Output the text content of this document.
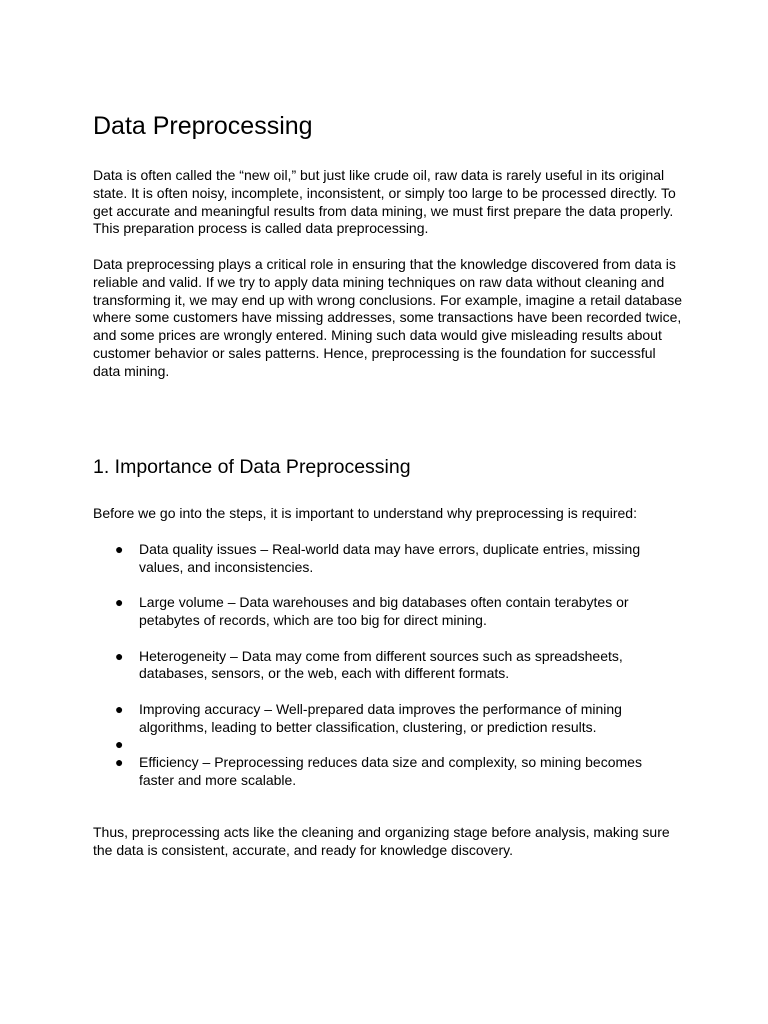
Data Preprocessing

Data is often called the “new oil,” but just like crude oil, raw data is rarely useful in its original state. It is often noisy, incomplete, inconsistent, or simply too large to be processed directly. To get accurate and meaningful results from data mining, we must first prepare the data properly. This preparation process is called data preprocessing.

Data preprocessing plays a critical role in ensuring that the knowledge discovered from data is reliable and valid. If we try to apply data mining techniques on raw data without cleaning and transforming it, we may end up with wrong conclusions. For example, imagine a retail database where some customers have missing addresses, some transactions have been recorded twice, and some prices are wrongly entered. Mining such data would give misleading results about customer behavior or sales patterns. Hence, preprocessing is the foundation for successful data mining.

1. Importance of Data Preprocessing

Before we go into the steps, it is important to understand why preprocessing is required:

● Data quality issues – Real-world data may have errors, duplicate entries, missing values, and inconsistencies.
● Large volume – Data warehouses and big databases often contain terabytes or petabytes of records, which are too big for direct mining.
● Heterogeneity – Data may come from different sources such as spreadsheets, databases, sensors, or the web, each with different formats.
● Improving accuracy – Well-prepared data improves the performance of mining algorithms, leading to better classification, clustering, or prediction results.
●
● Efficiency – Preprocessing reduces data size and complexity, so mining becomes faster and more scalable.

Thus, preprocessing acts like the cleaning and organizing stage before analysis, making sure the data is consistent, accurate, and ready for knowledge discovery.
